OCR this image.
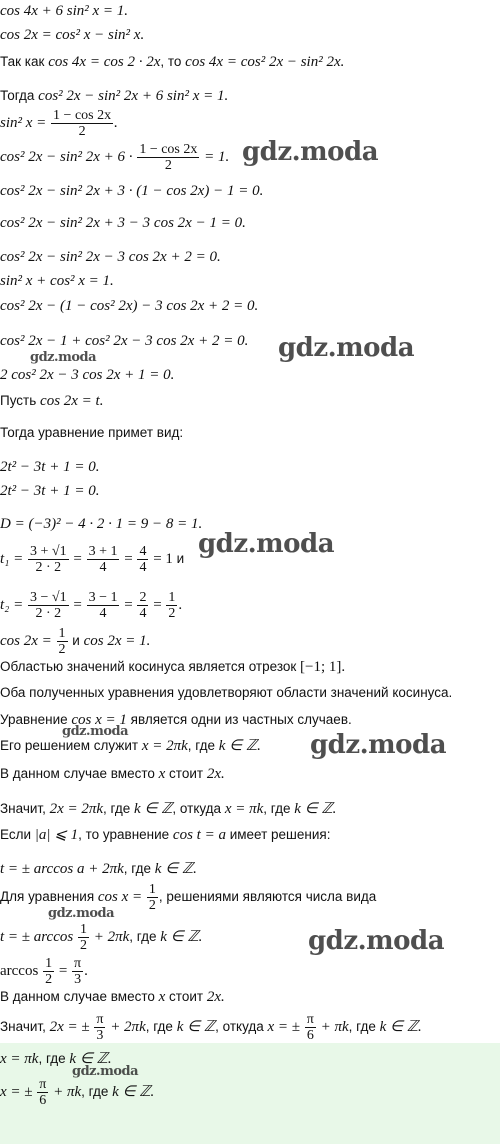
cos 4x + 6 sin² x = 1.
cos 2x = cos² x − sin² x.
Так как cos 4x = cos 2 · 2x, то cos 4x = cos² 2x − sin² 2x.
Тогда cos² 2x − sin² 2x + 6 sin² x = 1.
sin² $x = \frac{1 - \cos 2x}{2}$ .
cos² 2x − sin² $2x + 6 \cdot \frac{1 - \cos 2x}{2} = 1$.
cos² 2x − sin² 2x + 3 · (1 − cos 2x) − 1 = 0.
cos² 2x − sin² 2x + 3 − 3 cos 2x − 1 = 0.
cos² 2x − sin² 2x − 3 cos 2x + 2 = 0.
sin² x + cos² x = 1.
cos² 2x − (1 − cos² 2x) − 3 cos 2x + 2 = 0.
cos² 2x − 1 + cos² 2x − 3 cos 2x + 2 = 0.
2 cos² 2x − 3 cos 2x + 1 = 0.
Пусть cos 2x = t.
Тогда уравнение примет вид:
2t² − 3t + 1 = 0.
2t² − 3t + 1 = 0.
D = (−3)² − 4 · 2 · 1 = 9 − 8 = 1.
$t_1 = \frac{3 + √1}{2 \cdot 2} = \frac{3 + 1}{4} = \frac{4}{4} = 1$ и
$t_2 = \frac{3 - √1}{2 \cdot 2} = \frac{3 - 1}{4} = \frac{2}{4} = \frac{1}{2}$ .
$\cos 2x = \frac{1}{2}$ и cos 2x = 1.
Областью значений косинуса является отрезок [−1; 1].
Оба полученных уравнения удовлетворяют области значений косинуса.
Уравнение cos x = 1 является одни из частных случаев.
Его решением служит x = 2πk, где k ∈ ℤ.
В данном случае вместо x стоит 2x.
Значит, 2x = 2πk, где k ∈ ℤ, откуда x = πk, где k ∈ ℤ.
Если |a| ⩽ 1, то уравнение cos t = a имеет решения:
t = ± arccos a + 2πk, где k ∈ ℤ.
Для уравнения $\cos x = \frac{1}{2}$ , решениями являются числа вида
t = ± $\arccos \frac{1}{2} + 2\pi k$, где k ∈ ℤ.
$\arccos \frac{1}{2} = \frac{\pi}{3}$ .
В данном случае вместо x стоит 2x.
Значит, 2x = ± $\frac{\pi}{3} + 2\pi k$, где k ∈ ℤ, откуда x = ± $\frac{\pi}{6} + \pi k$, где k ∈ ℤ.
x = πk, где k ∈ ℤ.
x = ± $\frac{\pi}{6} + \pi k$, где k ∈ ℤ.
gdz.moda
gdz.moda
gdz.moda
gdz.moda
gdz.moda	gdz.moda
gdz.moda
gdz.moda
gdz.moda
